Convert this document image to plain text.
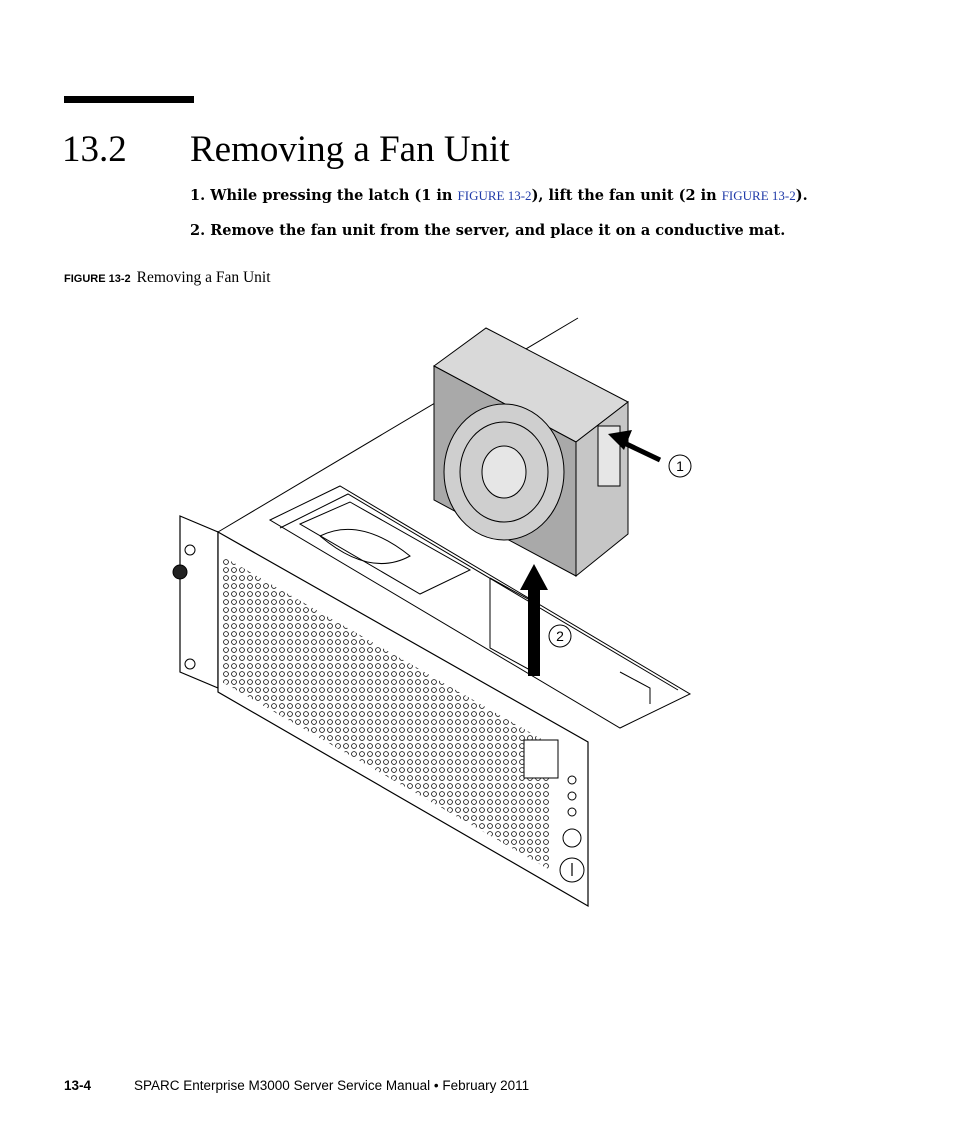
13.2 Removing a Fan Unit
1. While pressing the latch (1 in FIGURE 13-2), lift the fan unit (2 in FIGURE 13-2).
2. Remove the fan unit from the server, and place it on a conductive mat.
FIGURE 13-2 Removing a Fan Unit
1
2
13-4	SPARC Enterprise M3000 Server Service Manual • February 2011
